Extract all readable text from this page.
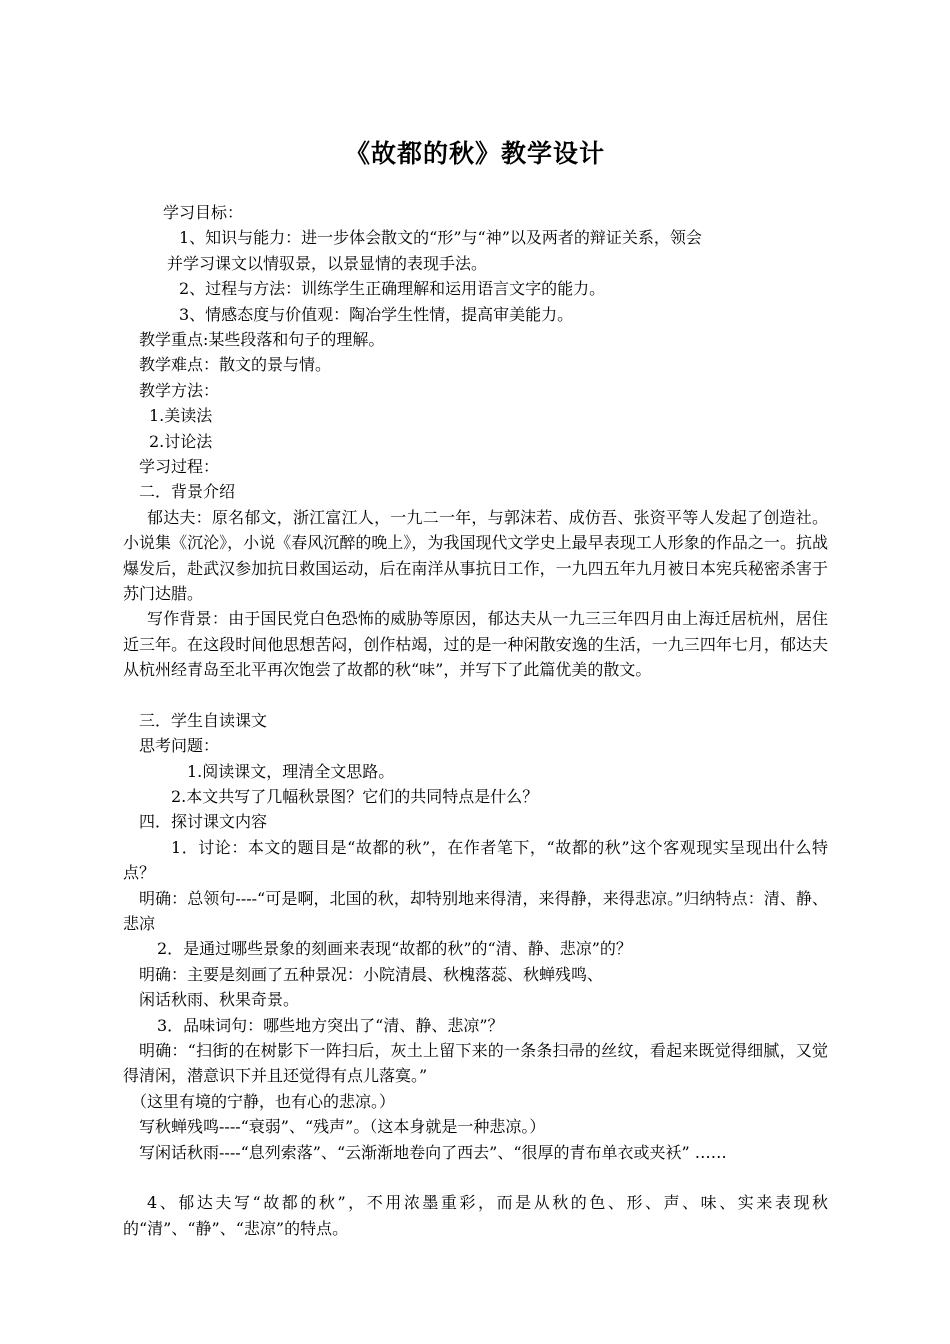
《故都的秋》教学设计
学习目标：
1、知识与能力：进一步体会散文的“形”与“神”以及两者的辩证关系，领会
并学习课文以情驭景，以景显情的表现手法。
2、过程与方法：训练学生正确理解和运用语言文字的能力。
3、情感态度与价值观：陶冶学生性情，提高审美能力。
教学重点:某些段落和句子的理解。
教学难点：散文的景与情。
教学方法：
1.美读法
2.讨论法
学习过程：
二．背景介绍
郁达夫：原名郁文，浙江富江人，一九二一年，与郭沫若、成仿吾、张资平等人发起了创造社。小说集《沉沦》，小说《春风沉醉的晚上》，为我国现代文学史上最早表现工人形象的作品之一。抗战爆发后，赴武汉参加抗日救国运动，后在南洋从事抗日工作，一九四五年九月被日本宪兵秘密杀害于苏门达腊。
写作背景：由于国民党白色恐怖的威胁等原因，郁达夫从一九三三年四月由上海迁居杭州，居住近三年。在这段时间他思想苦闷，创作枯竭，过的是一种闲散安逸的生活，一九三四年七月，郁达夫从杭州经青岛至北平再次饱尝了故都的秋“味”，并写下了此篇优美的散文。
三．学生自读课文
思考问题：
1.阅读课文，理清全文思路。
2.本文共写了几幅秋景图？它们的共同特点是什么？
四．探讨课文内容
1．讨论：本文的题目是“故都的秋”，在作者笔下，“故都的秋”这个客观现实呈现出什么特点？
明确：总领句----“可是啊，北国的秋，却特别地来得清，来得静，来得悲凉。”归纳特点：清、静、悲凉
2．是通过哪些景象的刻画来表现“故都的秋”的“清、静、悲凉”的？
明确：主要是刻画了五种景况：小院清晨、秋槐落蕊、秋蝉残鸣、
闲话秋雨、秋果奇景。
3．品味词句：哪些地方突出了“清、静、悲凉”？
明确：“扫街的在树影下一阵扫后，灰土上留下来的一条条扫帚的丝纹，看起来既觉得细腻，又觉得清闲，潜意识下并且还觉得有点儿落寞。”
（这里有境的宁静，也有心的悲凉。）
写秋蝉残鸣----“衰弱”、“残声”。（这本身就是一种悲凉。）
写闲话秋雨----“息列索落”、“云渐渐地卷向了西去”、“很厚的青布单衣或夹袄” ……
4、郁达夫写“故都的秋”，不用浓墨重彩，而是从秋的色、形、声、味、实来表现秋的“清”、“静”、“悲凉”的特点。
